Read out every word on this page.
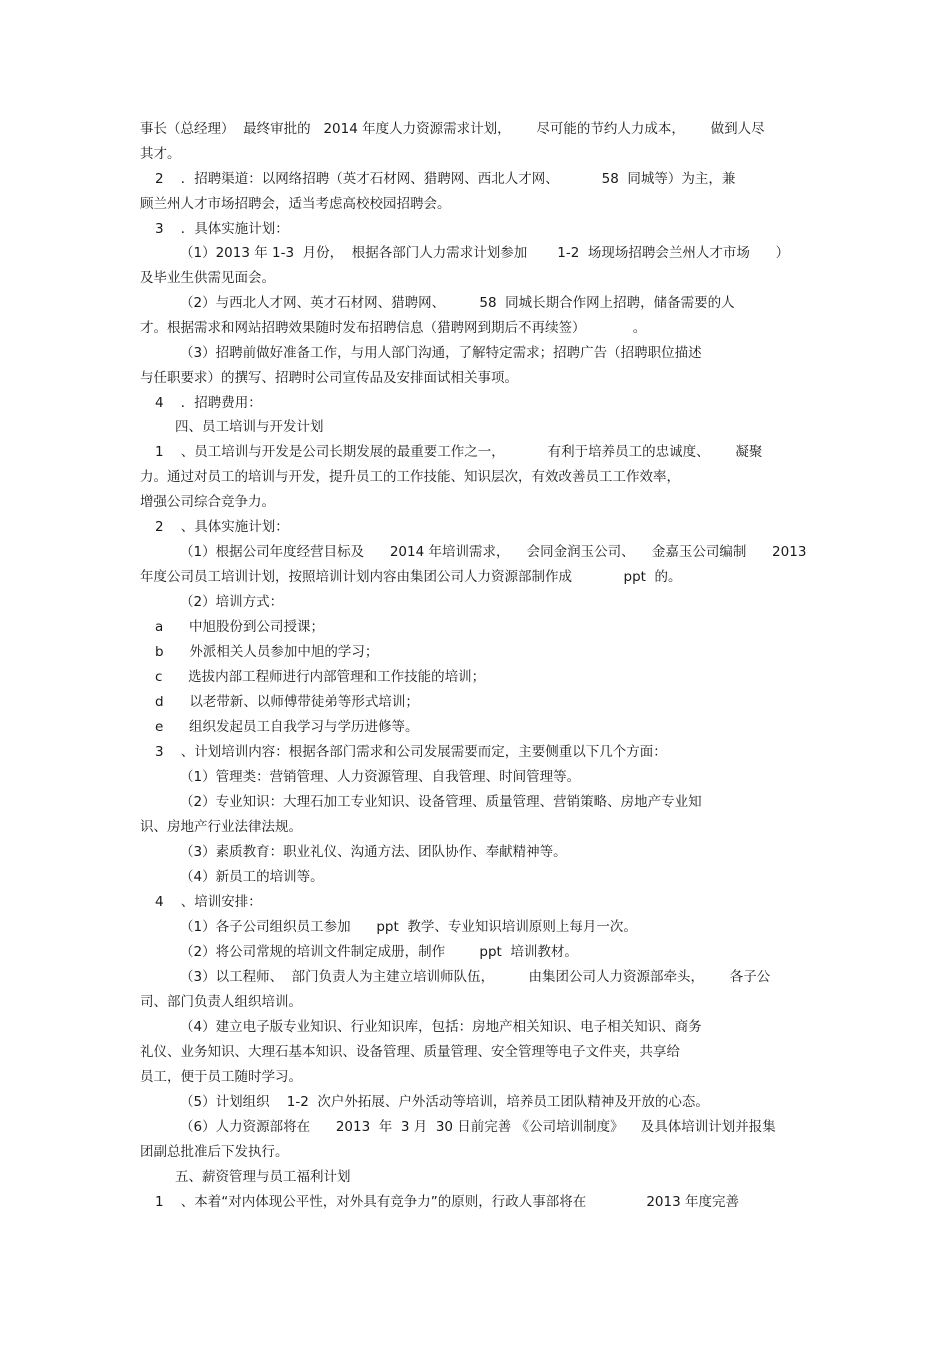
事长（总经理）  最终审批的   2014 年度人力资源需求计划，      尽可能的节约人力成本，      做到人尽
其才。
2    ．招聘渠道：以网络招聘（英才石材网、猎聘网、西北人才网、          58  同城等）为主，兼
顾兰州人才市场招聘会，适当考虑高校校园招聘会。
3    ．具体实施计划：
（1）2013 年 1-3  月份，  根据各部门人力需求计划参加       1-2  场现场招聘会兰州人才市场      ）
及毕业生供需见面会。
（2）与西北人才网、英才石材网、猎聘网、        58  同城长期合作网上招聘，储备需要的人
才。根据需求和网站招聘效果随时发布招聘信息（猎聘网到期后不再续签）           。
（3）招聘前做好准备工作，与用人部门沟通，了解特定需求；招聘广告（招聘职位描述
与任职要求）的撰写、招聘时公司宣传品及安排面试相关事项。
4    ．招聘费用：
四、员工培训与开发计划
1    、员工培训与开发是公司长期发展的最重要工作之一，          有利于培养员工的忠诚度、      凝聚
力。通过对员工的培训与开发，提升员工的工作技能、知识层次，有效改善员工工作效率，
增强公司综合竞争力。
2    、具体实施计划：
（1）根据公司年度经营目标及      2014 年培训需求，    会同金润玉公司、    金嘉玉公司编制      2013
年度公司员工培训计划，按照培训计划内容由集团公司人力资源部制作成            ppt  的。
（2）培训方式：
a      中旭股份到公司授课；
b      外派相关人员参加中旭的学习；
c      选拔内部工程师进行内部管理和工作技能的培训；
d      以老带新、以师傅带徒弟等形式培训；
e      组织发起员工自我学习与学历进修等。
3    、计划培训内容：根据各部门需求和公司发展需要而定，主要侧重以下几个方面：
（1）管理类：营销管理、人力资源管理、自我管理、时间管理等。
（2）专业知识：大理石加工专业知识、设备管理、质量管理、营销策略、房地产专业知
识、房地产行业法律法规。
（3）素质教育：职业礼仪、沟通方法、团队协作、奉献精神等。
（4）新员工的培训等。
4    、培训安排：
（1）各子公司组织员工参加      ppt  教学、专业知识培训原则上每月一次。
（2）将公司常规的培训文件制定成册，制作        ppt  培训教材。
（3）以工程师、  部门负责人为主建立培训师队伍，        由集团公司人力资源部牵头，      各子公
司、部门负责人组织培训。
（4）建立电子版专业知识、行业知识库，包括：房地产相关知识、电子相关知识、商务
礼仪、业务知识、大理石基本知识、设备管理、质量管理、安全管理等电子文件夹，共享给
员工，便于员工随时学习。
（5）计划组织    1-2  次户外拓展、户外活动等培训，培养员工团队精神及开放的心态。
（6）人力资源部将在      2013  年  3 月  30 日前完善 《公司培训制度》    及具体培训计划并报集
团副总批准后下发执行。
五、薪资管理与员工福利计划
1    、本着“对内体现公平性，对外具有竞争力”的原则，行政人事部将在              2013 年度完善
